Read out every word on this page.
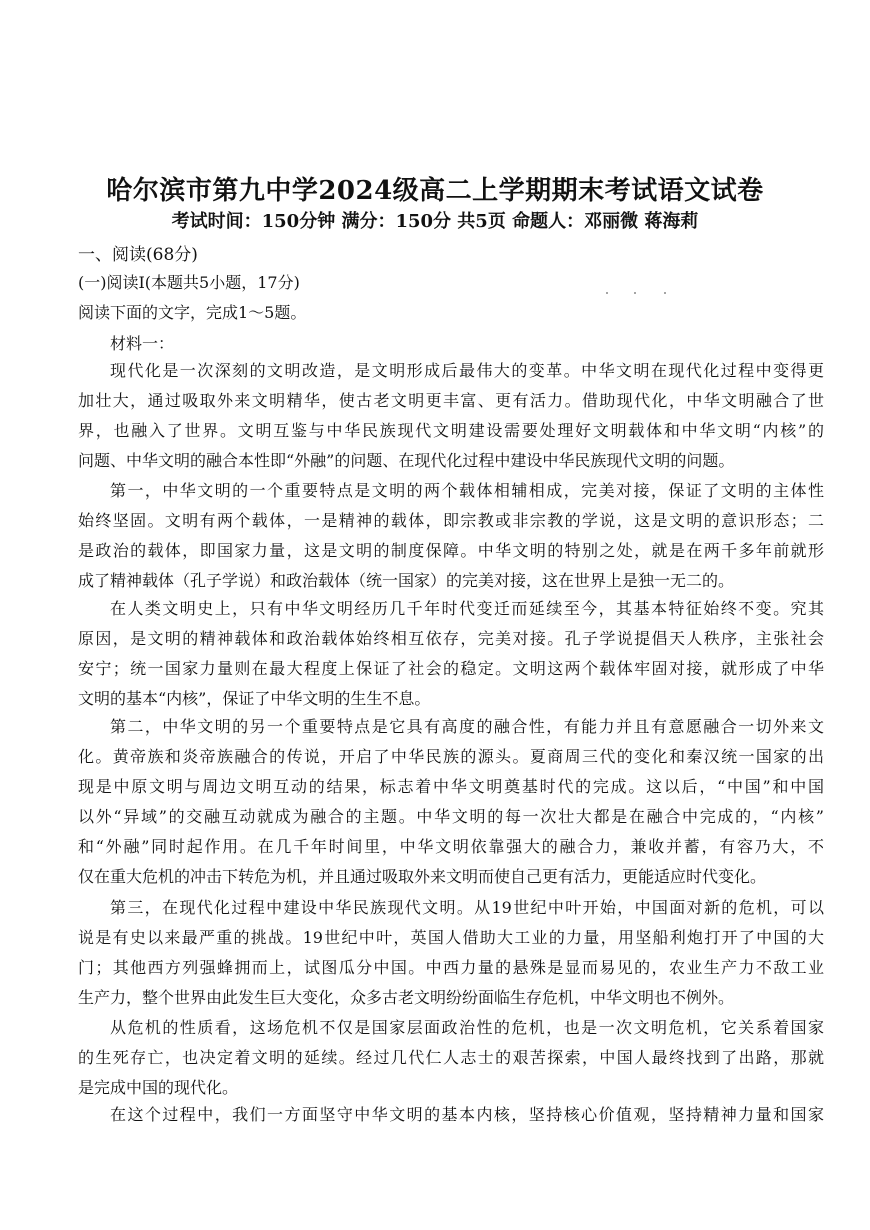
哈尔滨市第九中学2024级高二上学期期末考试语文试卷
考试时间：150分钟 满分：150分 共5页 命题人：邓丽微 蒋海莉
一、阅读(68分)
(一)阅读Ⅰ(本题共5小题，17分)
阅读下面的文字，完成1～5题。
材料一：
现代化是一次深刻的文明改造，是文明形成后最伟大的变革。中华文明在现代化过程中变得更
加壮大，通过吸取外来文明精华，使古老文明更丰富、更有活力。借助现代化，中华文明融合了世
界，也融入了世界。文明互鉴与中华民族现代文明建设需要处理好文明载体和中华文明“内核”的
问题、中华文明的融合本性即“外融”的问题、在现代化过程中建设中华民族现代文明的问题。
第一，中华文明的一个重要特点是文明的两个载体相辅相成，完美对接，保证了文明的主体性
始终坚固。文明有两个载体，一是精神的载体，即宗教或非宗教的学说，这是文明的意识形态；二
是政治的载体，即国家力量，这是文明的制度保障。中华文明的特别之处，就是在两千多年前就形
成了精神载体（孔子学说）和政治载体（统一国家）的完美对接，这在世界上是独一无二的。
在人类文明史上，只有中华文明经历几千年时代变迁而延续至今，其基本特征始终不变。究其
原因，是文明的精神载体和政治载体始终相互依存，完美对接。孔子学说提倡天人秩序，主张社会
安宁；统一国家力量则在最大程度上保证了社会的稳定。文明这两个载体牢固对接，就形成了中华
文明的基本“内核”，保证了中华文明的生生不息。
第二，中华文明的另一个重要特点是它具有高度的融合性，有能力并且有意愿融合一切外来文
化。黄帝族和炎帝族融合的传说，开启了中华民族的源头。夏商周三代的变化和秦汉统一国家的出
现是中原文明与周边文明互动的结果，标志着中华文明奠基时代的完成。这以后，“中国”和中国
以外“异域”的交融互动就成为融合的主题。中华文明的每一次壮大都是在融合中完成的，“内核”
和“外融”同时起作用。在几千年时间里，中华文明依靠强大的融合力，兼收并蓄，有容乃大，不
仅在重大危机的冲击下转危为机，并且通过吸取外来文明而使自己更有活力，更能适应时代变化。
第三，在现代化过程中建设中华民族现代文明。从19世纪中叶开始，中国面对新的危机，可以
说是有史以来最严重的挑战。19世纪中叶，英国人借助大工业的力量，用坚船利炮打开了中国的大
门；其他西方列强蜂拥而上，试图瓜分中国。中西力量的悬殊是显而易见的，农业生产力不敌工业
生产力，整个世界由此发生巨大变化，众多古老文明纷纷面临生存危机，中华文明也不例外。
从危机的性质看，这场危机不仅是国家层面政治性的危机，也是一次文明危机，它关系着国家
的生死存亡，也决定着文明的延续。经过几代仁人志士的艰苦探索，中国人最终找到了出路，那就
是完成中国的现代化。
在这个过程中，我们一方面坚守中华文明的基本内核，坚持核心价值观，坚持精神力量和国家
